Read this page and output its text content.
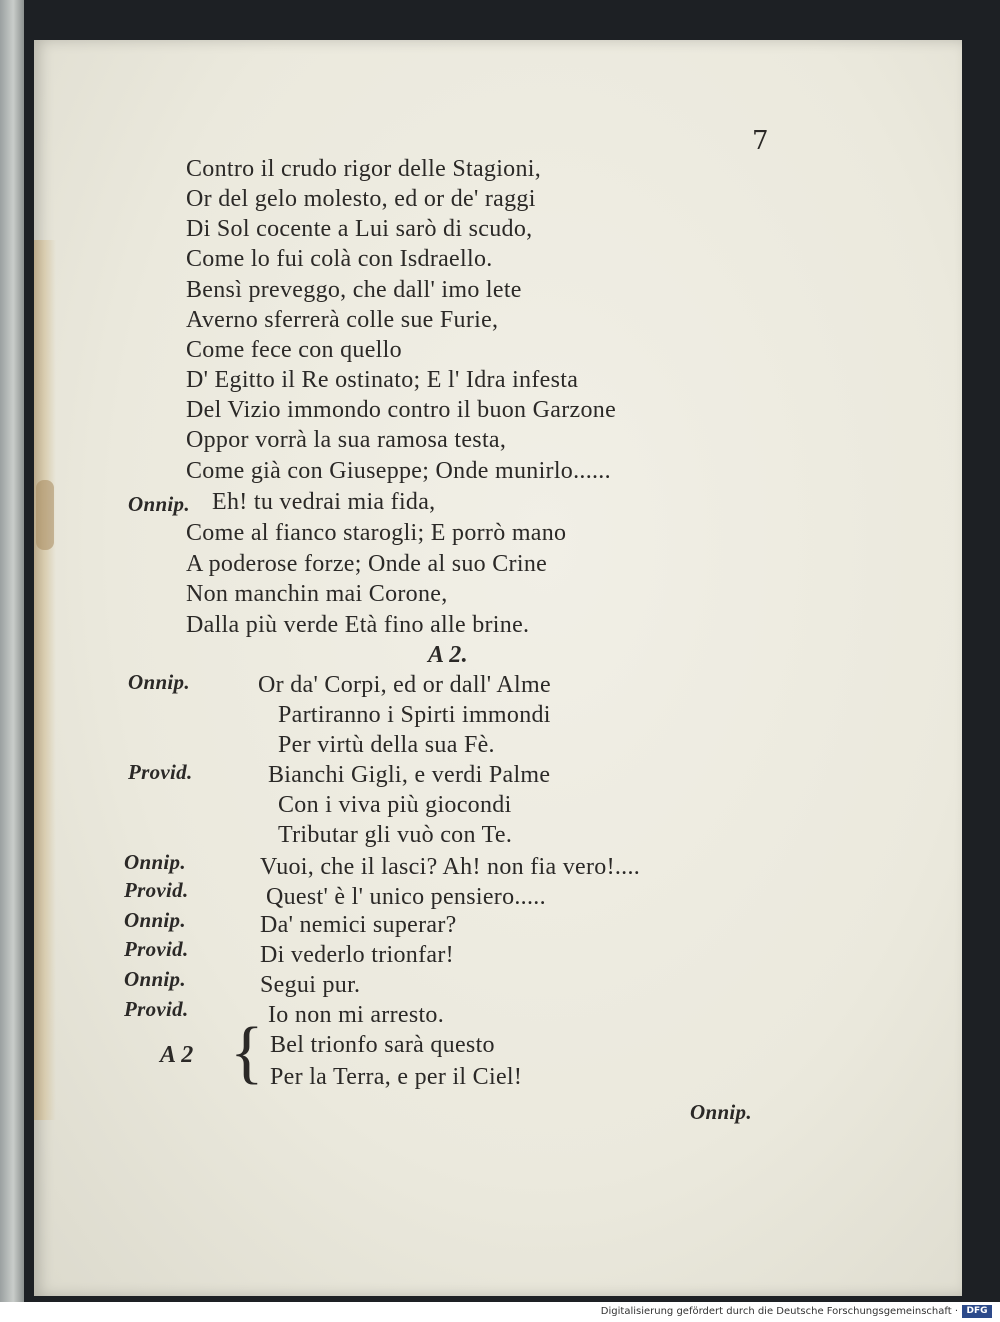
7
Contro il crudo rigor delle Stagioni,
Or del gelo molesto, ed or de' raggi
Di Sol cocente a Lui sarò di scudo,
Come lo fui colà con Isdraello.
Bensì preveggo, che dall' imo lete
Averno sferrerà colle sue Furie,
Come fece con quello
D' Egitto il Re ostinato; E l' Idra infesta
Del Vizio immondo contro il buon Garzone
Oppor vorrà la sua ramosa testa,
Come già con Giuseppe; Onde munirlo......
Onnip. Eh! tu vedrai mia fida,
Come al fianco starogli; E porrò mano
A poderose forze; Onde al suo Crine
Non manchin mai Corone,
Dalla più verde Età fino alle brine.
A 2.
Onnip.	Or da' Corpi, ed or dall' Alme
Partiranno i Spirti immondi
Per virtù della sua Fè.
Provid.	Bianchi Gigli, e verdi Palme
Con i viva più giocondi
Tributar gli vuò con Te.
Onnip.	Vuoi, che il lasci? Ah! non fia vero!....
Provid.	Quest' è l' unico pensiero.....
Onnip.	Da' nemici superar?
Provid.	Di vederlo trionfar!
Onnip.	Segui pur.
Provid.	Io non mi arresto.
A 2 { Bel trionfo sarà questo
Per la Terra, e per il Ciel!
Onnip.
Digitalisierung gefördert durch die Deutsche Forschungsgemeinschaft · DFG
